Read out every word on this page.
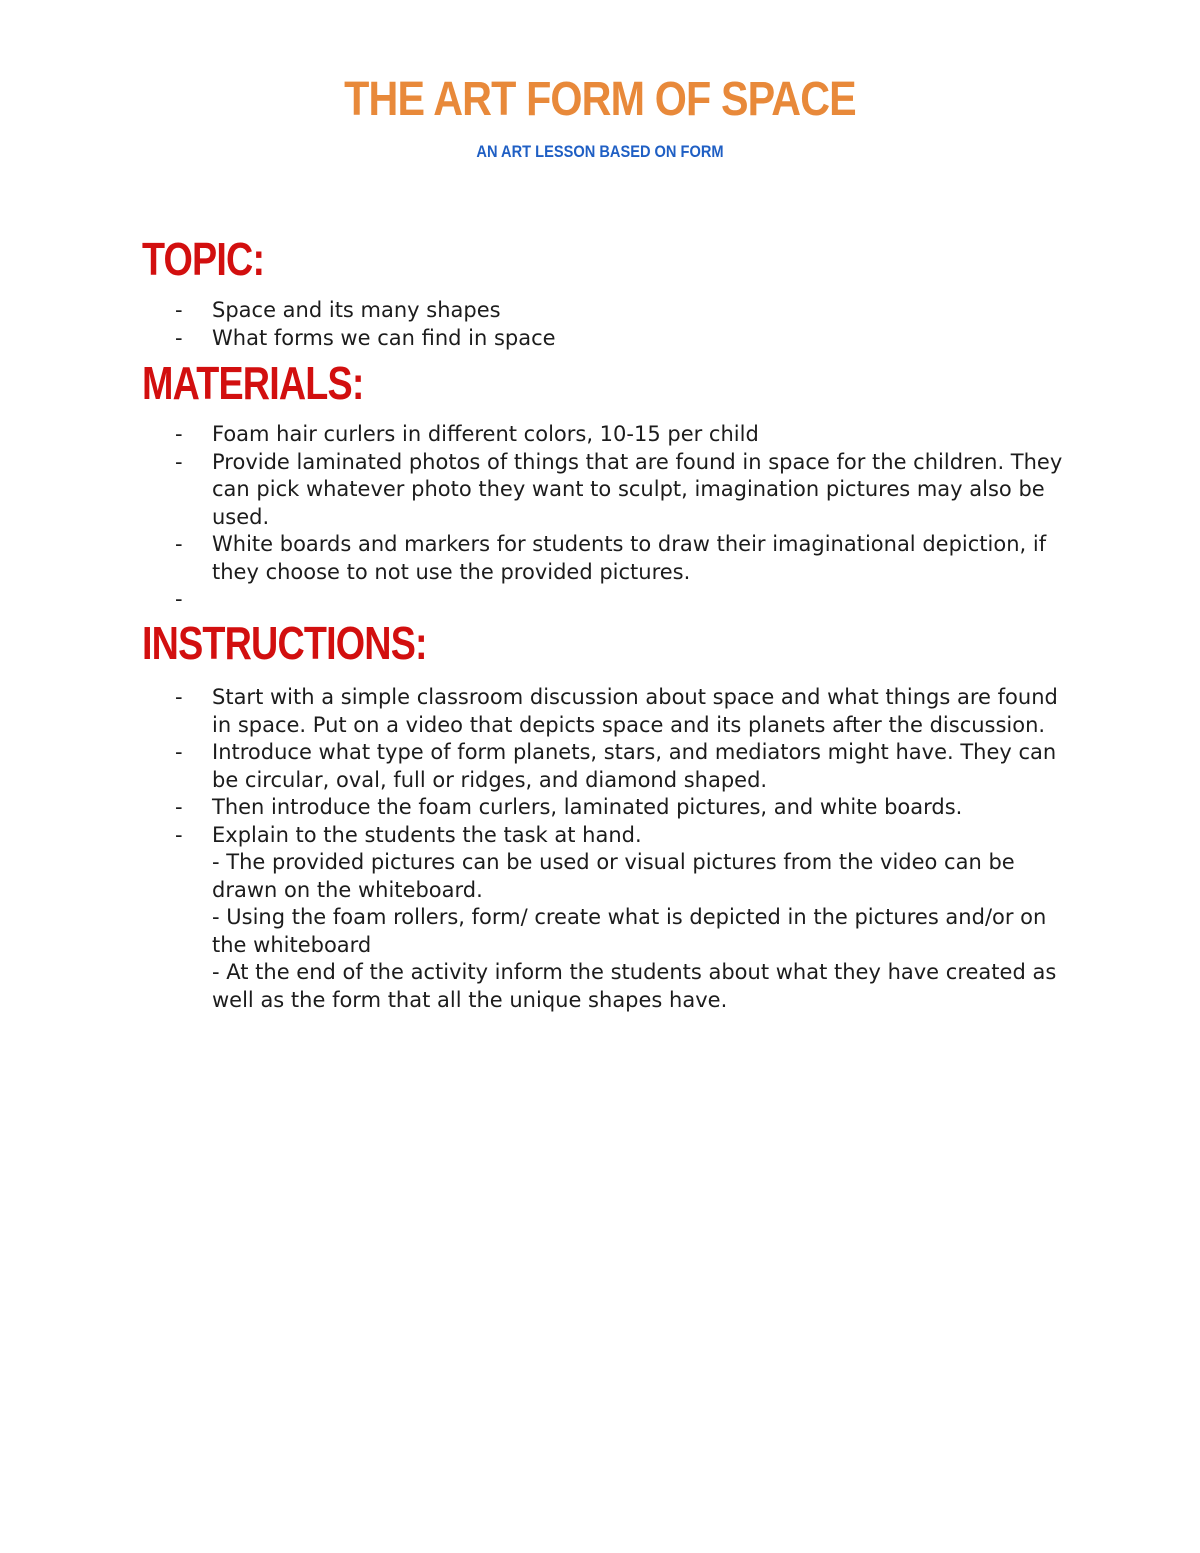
THE ART FORM OF SPACE
AN ART LESSON BASED ON FORM
TOPIC:
- Space and its many shapes
- What forms we can find in space
MATERIALS:
- Foam hair curlers in different colors, 10-15 per child
- Provide laminated photos of things that are found in space for the children. They can pick whatever photo they want to sculpt, imagination pictures may also be used.
- White boards and markers for students to draw their imaginational depiction, if they choose to not use the provided pictures.
INSTRUCTIONS:
- Start with a simple classroom discussion about space and what things are found in space. Put on a video that depicts space and its planets after the discussion.
- Introduce what type of form planets, stars, and mediators might have. They can be circular, oval, full or ridges, and diamond shaped.
- Then introduce the foam curlers, laminated pictures, and white boards.
- Explain to the students the task at hand.
- The provided pictures can be used or visual pictures from the video can be drawn on the whiteboard.
- Using the foam rollers, form/ create what is depicted in the pictures and/or on the whiteboard
- At the end of the activity inform the students about what they have created as well as the form that all the unique shapes have.
